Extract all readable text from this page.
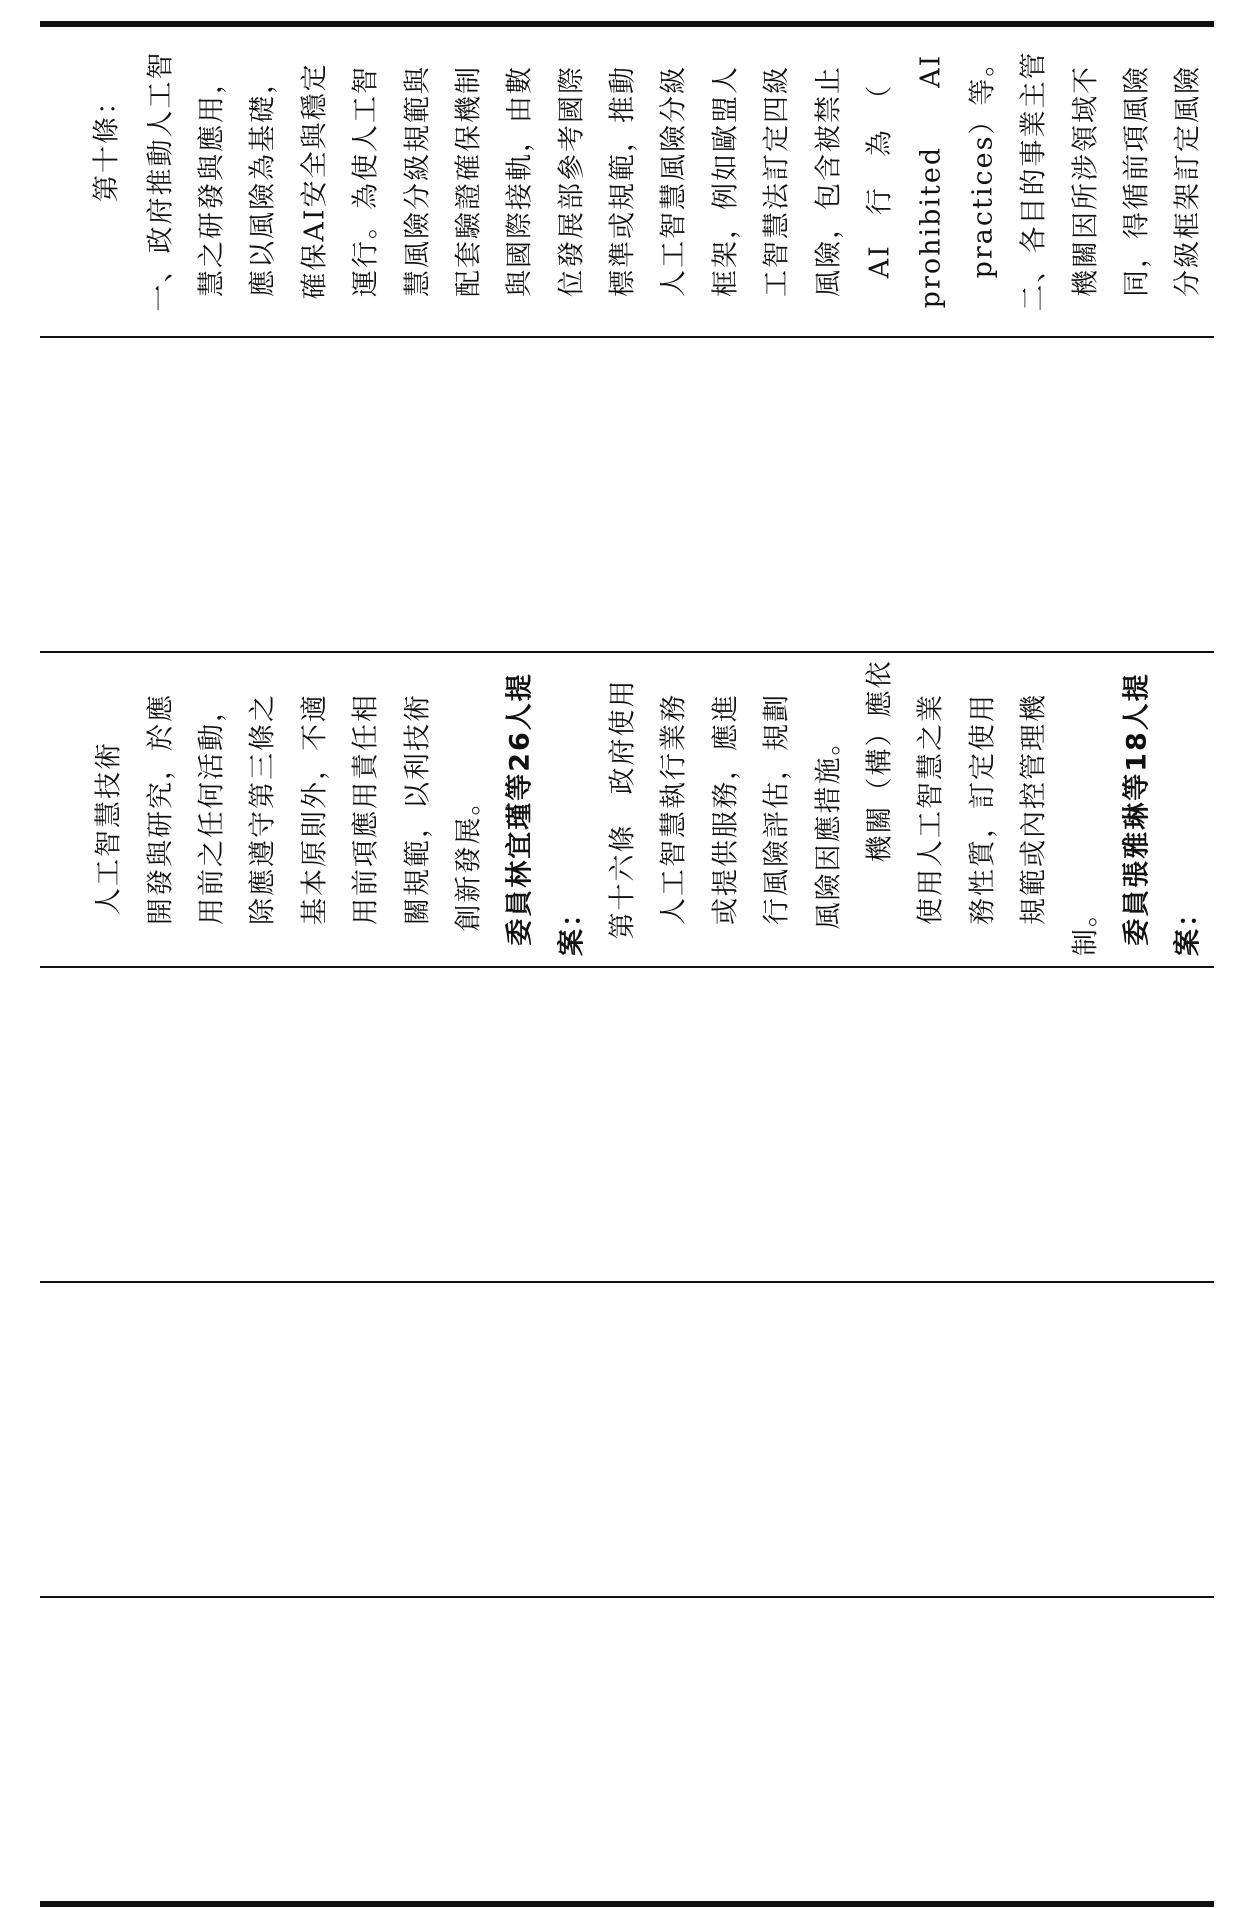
第十條： 一、政府推動人工智 慧之研發與應用， 應以風險為基礎， 確保AI安全與穩定 運行。為使人工智 慧風險分級規範與 配套驗證確保機制 與國際接軌，由數 位發展部參考國際 標準或規範，推動 人工智慧風險分級 框架，例如歐盟人 工智慧法訂定四級 風險，包含被禁止 AI　行　為　（ prohibited　　AI practices）等。 二、各目的事業主管 機關因所涉領域不 同，得循前項風險 分級框架訂定風險
人工智慧技術 開發與研究，於應 用前之任何活動， 除應遵守第三條之 基本原則外，不適 用前項應用責任相 關規範，以利技術 創新發展。 委員林宜瑾等26人提 案： 第十六條　政府使用 人工智慧執行業務 或提供服務，應進 行風險評估，規劃 風險因應措施。 　　機關（構）應依 使用人工智慧之業 務性質，訂定使用 規範或內控管理機
制。 委員張雅琳等18人提 案：
